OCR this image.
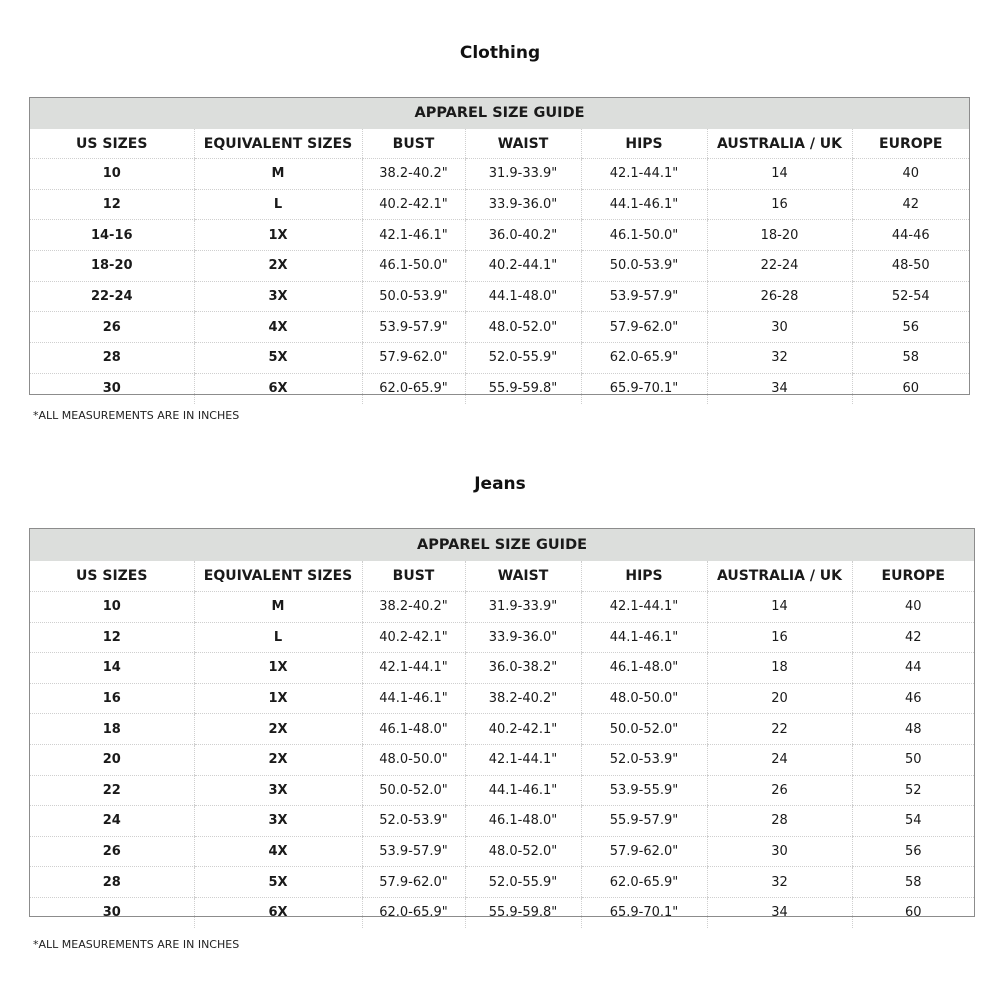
Clothing
APPAREL SIZE GUIDE
US SIZES	EQUIVALENT SIZES	BUST	WAIST	HIPS	AUSTRALIA / UK	EUROPE
10	M	38.2-40.2"	31.9-33.9"	42.1-44.1"	14	40
12	L	40.2-42.1"	33.9-36.0"	44.1-46.1"	16	42
14-16	1X	42.1-46.1"	36.0-40.2"	46.1-50.0"	18-20	44-46
18-20	2X	46.1-50.0"	40.2-44.1"	50.0-53.9"	22-24	48-50
22-24	3X	50.0-53.9"	44.1-48.0"	53.9-57.9"	26-28	52-54
26	4X	53.9-57.9"	48.0-52.0"	57.9-62.0"	30	56
28	5X	57.9-62.0"	52.0-55.9"	62.0-65.9"	32	58
30	6X	62.0-65.9"	55.9-59.8"	65.9-70.1"	34	60
*ALL MEASUREMENTS ARE IN INCHES
Jeans
APPAREL SIZE GUIDE
US SIZES	EQUIVALENT SIZES	BUST	WAIST	HIPS	AUSTRALIA / UK	EUROPE
10	M	38.2-40.2"	31.9-33.9"	42.1-44.1"	14	40
12	L	40.2-42.1"	33.9-36.0"	44.1-46.1"	16	42
14	1X	42.1-44.1"	36.0-38.2"	46.1-48.0"	18	44
16	1X	44.1-46.1"	38.2-40.2"	48.0-50.0"	20	46
18	2X	46.1-48.0"	40.2-42.1"	50.0-52.0"	22	48
20	2X	48.0-50.0"	42.1-44.1"	52.0-53.9"	24	50
22	3X	50.0-52.0"	44.1-46.1"	53.9-55.9"	26	52
24	3X	52.0-53.9"	46.1-48.0"	55.9-57.9"	28	54
26	4X	53.9-57.9"	48.0-52.0"	57.9-62.0"	30	56
28	5X	57.9-62.0"	52.0-55.9"	62.0-65.9"	32	58
30	6X	62.0-65.9"	55.9-59.8"	65.9-70.1"	34	60
*ALL MEASUREMENTS ARE IN INCHES
